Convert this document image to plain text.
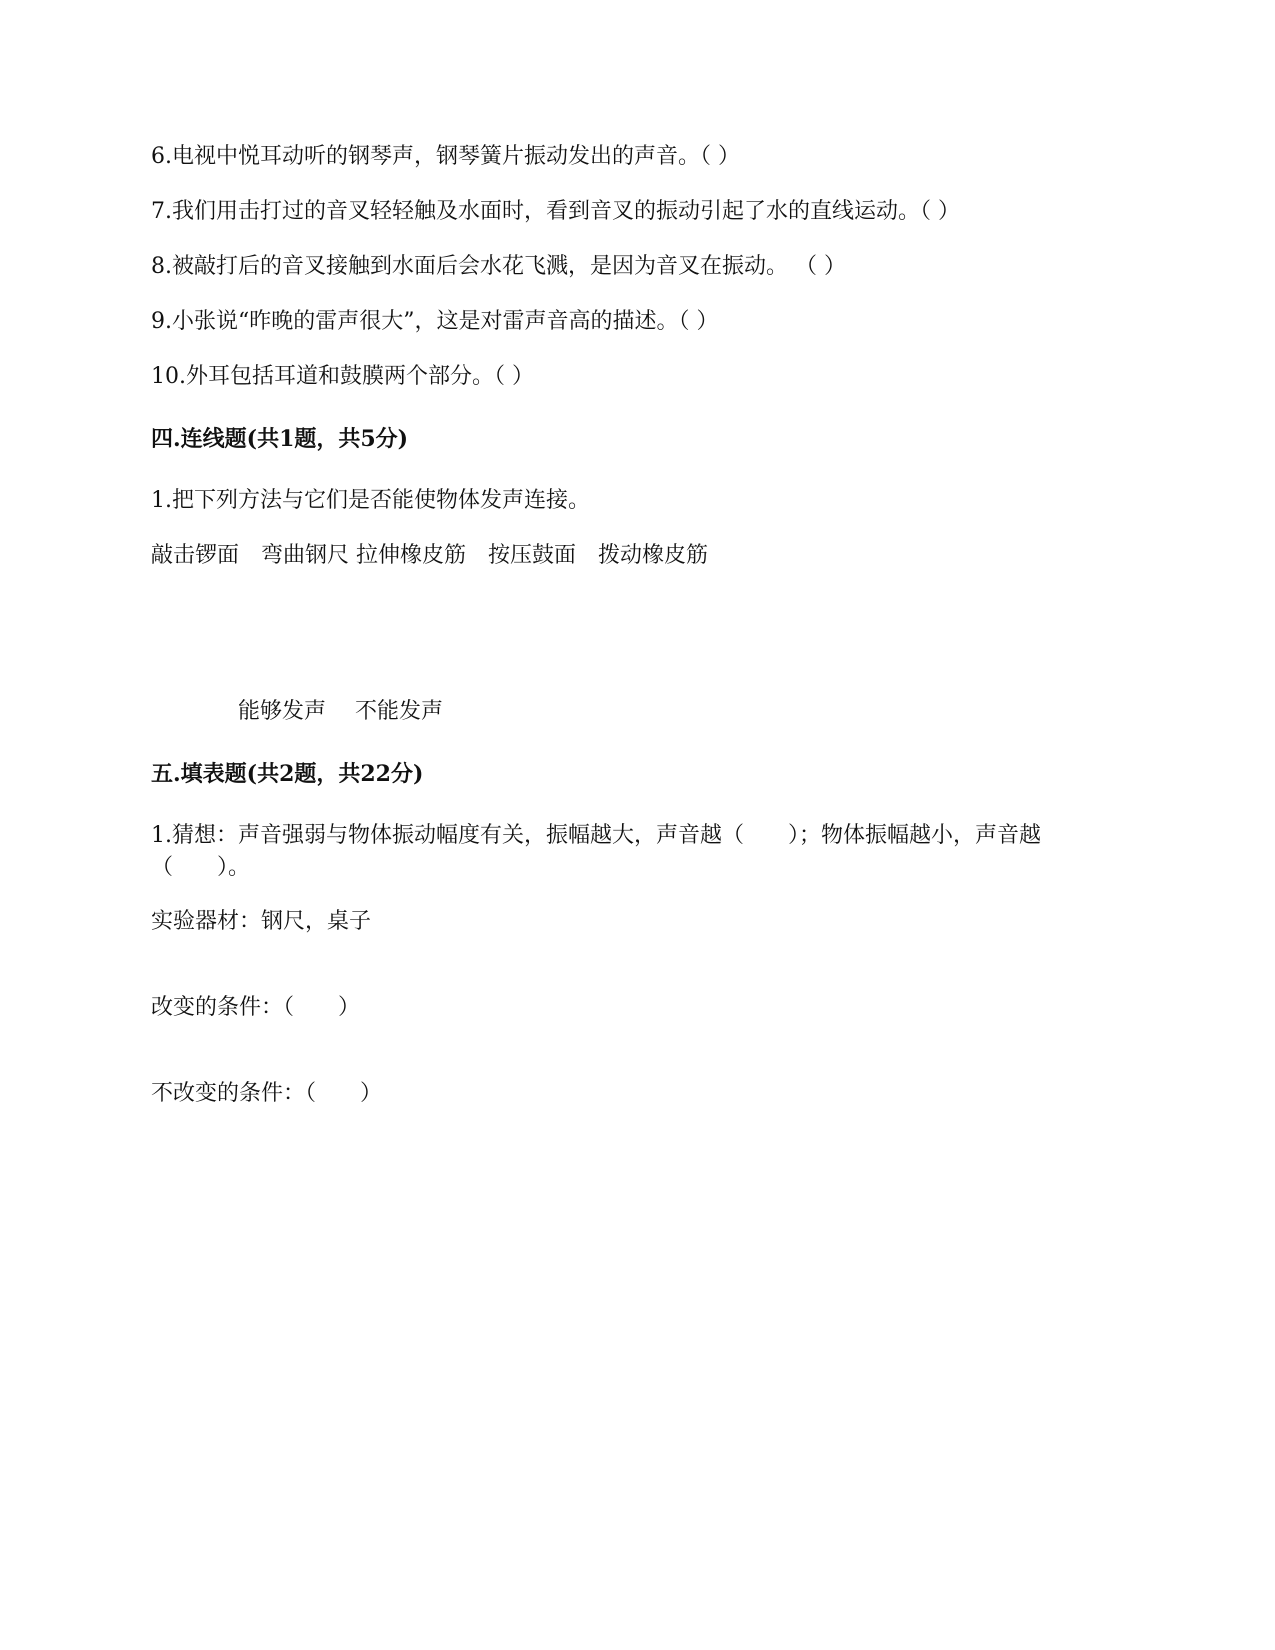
6.电视中悦耳动听的钢琴声，钢琴簧片振动发出的声音。（ ）
7.我们用击打过的音叉轻轻触及水面时，看到音叉的振动引起了水的直线运动。（ ）
8.被敲打后的音叉接触到水面后会水花飞溅，是因为音叉在振动。 （ ）
9.小张说“昨晚的雷声很大”，这是对雷声音高的描述。（ ）
10.外耳包括耳道和鼓膜两个部分。（ ）
四.连线题(共1题，共5分)
1.把下列方法与它们是否能使物体发声连接。
敲击锣面　弯曲钢尺 拉伸橡皮筋　按压鼓面　拨动橡皮筋
能够发声　 不能发声
五.填表题(共2题，共22分)
1.猜想：声音强弱与物体振动幅度有关，振幅越大，声音越（　　）；物体振幅越小，声音越（　　）。
实验器材：钢尺，桌子
改变的条件：（　　）
不改变的条件：（　　）
